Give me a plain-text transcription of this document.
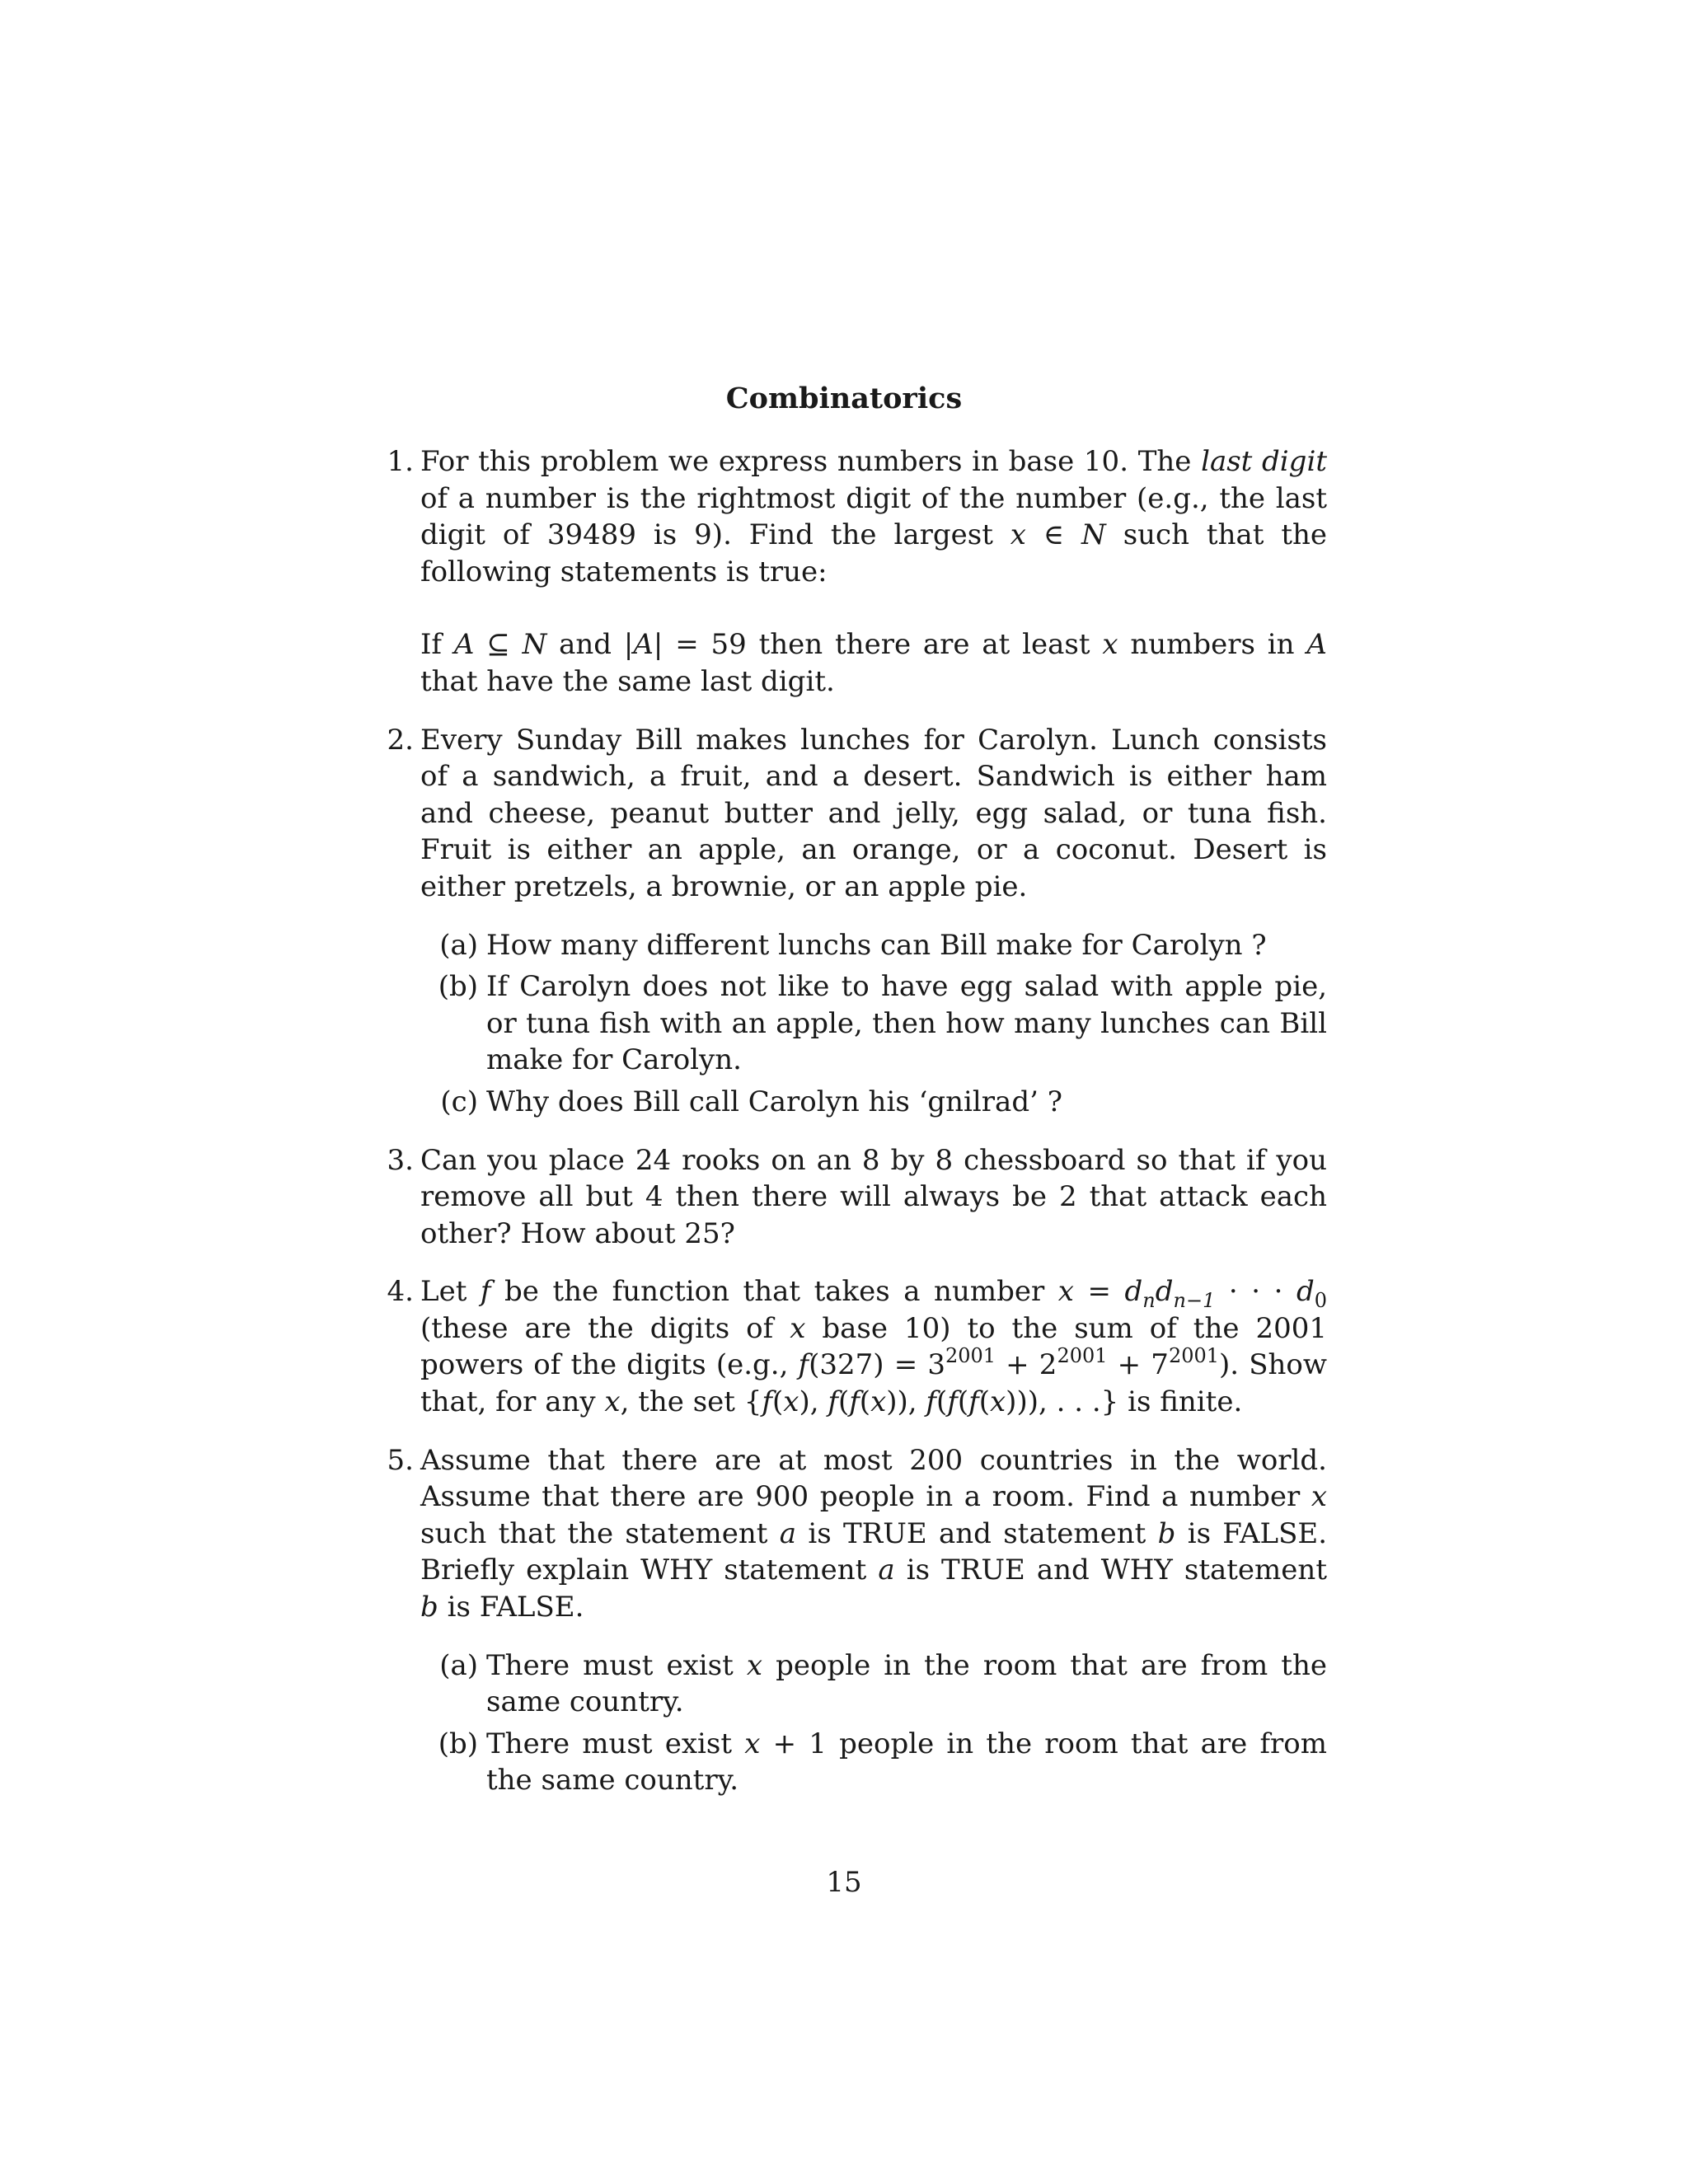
Combinatorics
1. For this problem we express numbers in base 10. The last digit of a number is the rightmost digit of the number (e.g., the last digit of 39489 is 9). Find the largest x ∈ N such that the following statements is true:

If A ⊆ N and |A| = 59 then there are at least x numbers in A that have the same last digit.

2. Every Sunday Bill makes lunches for Carolyn. Lunch consists of a sandwich, a fruit, and a desert. Sandwich is either ham and cheese, peanut butter and jelly, egg salad, or tuna fish. Fruit is either an apple, an orange, or a coconut. Desert is either pretzels, a brownie, or an apple pie.

(a) How many different lunchs can Bill make for Carolyn ?
(b) If Carolyn does not like to have egg salad with apple pie, or tuna fish with an apple, then how many lunches can Bill make for Carolyn.
(c) Why does Bill call Carolyn his ‘gnilrad’ ?
3. Can you place 24 rooks on an 8 by 8 chessboard so that if you remove all but 4 then there will always be 2 that attack each other? How about 25?

4. Let f be the function that takes a number $x = d_nd_{n-1}$ · · · $d_0$ (these are the digits of x base 10) to the sum of the 2001 powers of the digits (e.g., $f(327) = 3^{2001} + 2^{2001} + 7^{2001}$). Show that, for any x, the set {f(x), f(f(x)), f(f(f(x))), . . .} is finite.

5. Assume that there are at most 200 countries in the world. Assume that there are 900 people in a room. Find a number x such that the statement a is TRUE and statement b is FALSE. Briefly explain WHY statement a is TRUE and WHY statement b is FALSE.

(a) There must exist x people in the room that are from the same country.
(b) There must exist x + 1 people in the room that are from the same country.
15
